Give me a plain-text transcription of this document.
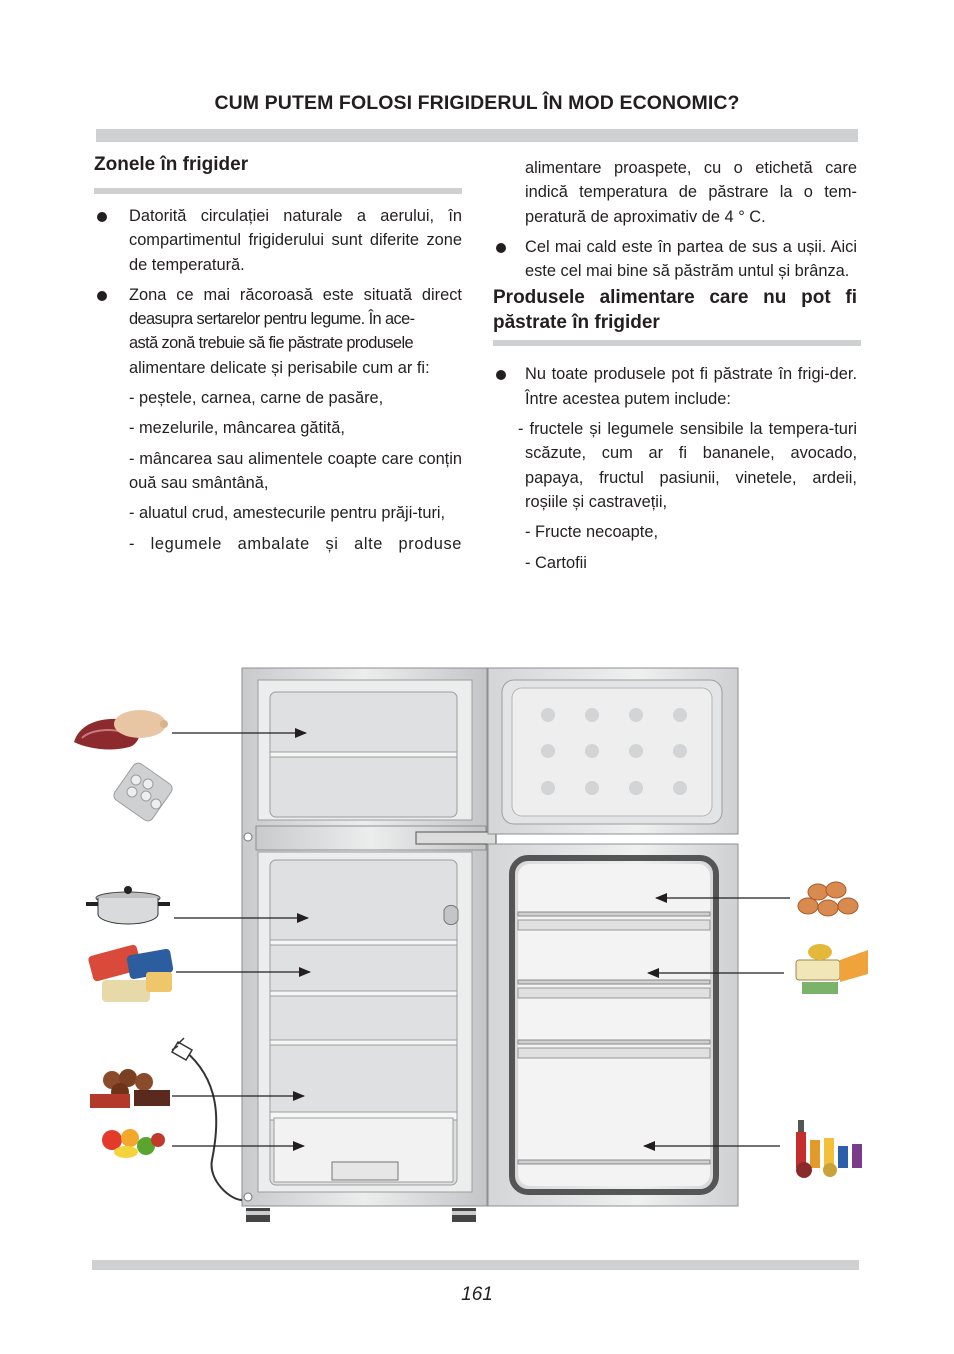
CUM PUTEM FOLOSI FRIGIDERUL ÎN MOD ECONOMIC?
Zonele în frigider

Datorită circulației naturale a aerului, în compartimentul frigiderului sunt diferite zone de temperatură.

Zona ce mai răcoroasă este situată direct
deasupra sertarelor pentru legume. În ace-
astă zonă trebuie să fie păstrate produsele
alimentare delicate și perisabile cum ar fi:

- peștele, carnea, carne de pasăre,

- mezelurile, mâncarea gătită,

- mâncarea sau alimentele coapte care conțin ouă sau smântână,

- aluatul crud, amestecurile pentru prăji-turi,

- legumele ambalate și alte produse

alimentare proaspete, cu o etichetă care indică temperatura de păstrare la o tem-peratură de aproximativ de 4 ° C.

Cel mai cald este în partea de sus a ușii. Aici este cel mai bine să păstrăm untul și brânza.

Produsele alimentare care nu pot fi păstrate în frigider

Nu toate produsele pot fi păstrate în frigi-der. Între acestea putem include:

- fructele și legumele sensibile la tempera-turi scăzute, cum ar fi bananele, avocado, papaya, fructul pasiunii, vinetele, ardeii, roșiile și castraveții,

- Fructe necoapte,

- Cartofii

161
